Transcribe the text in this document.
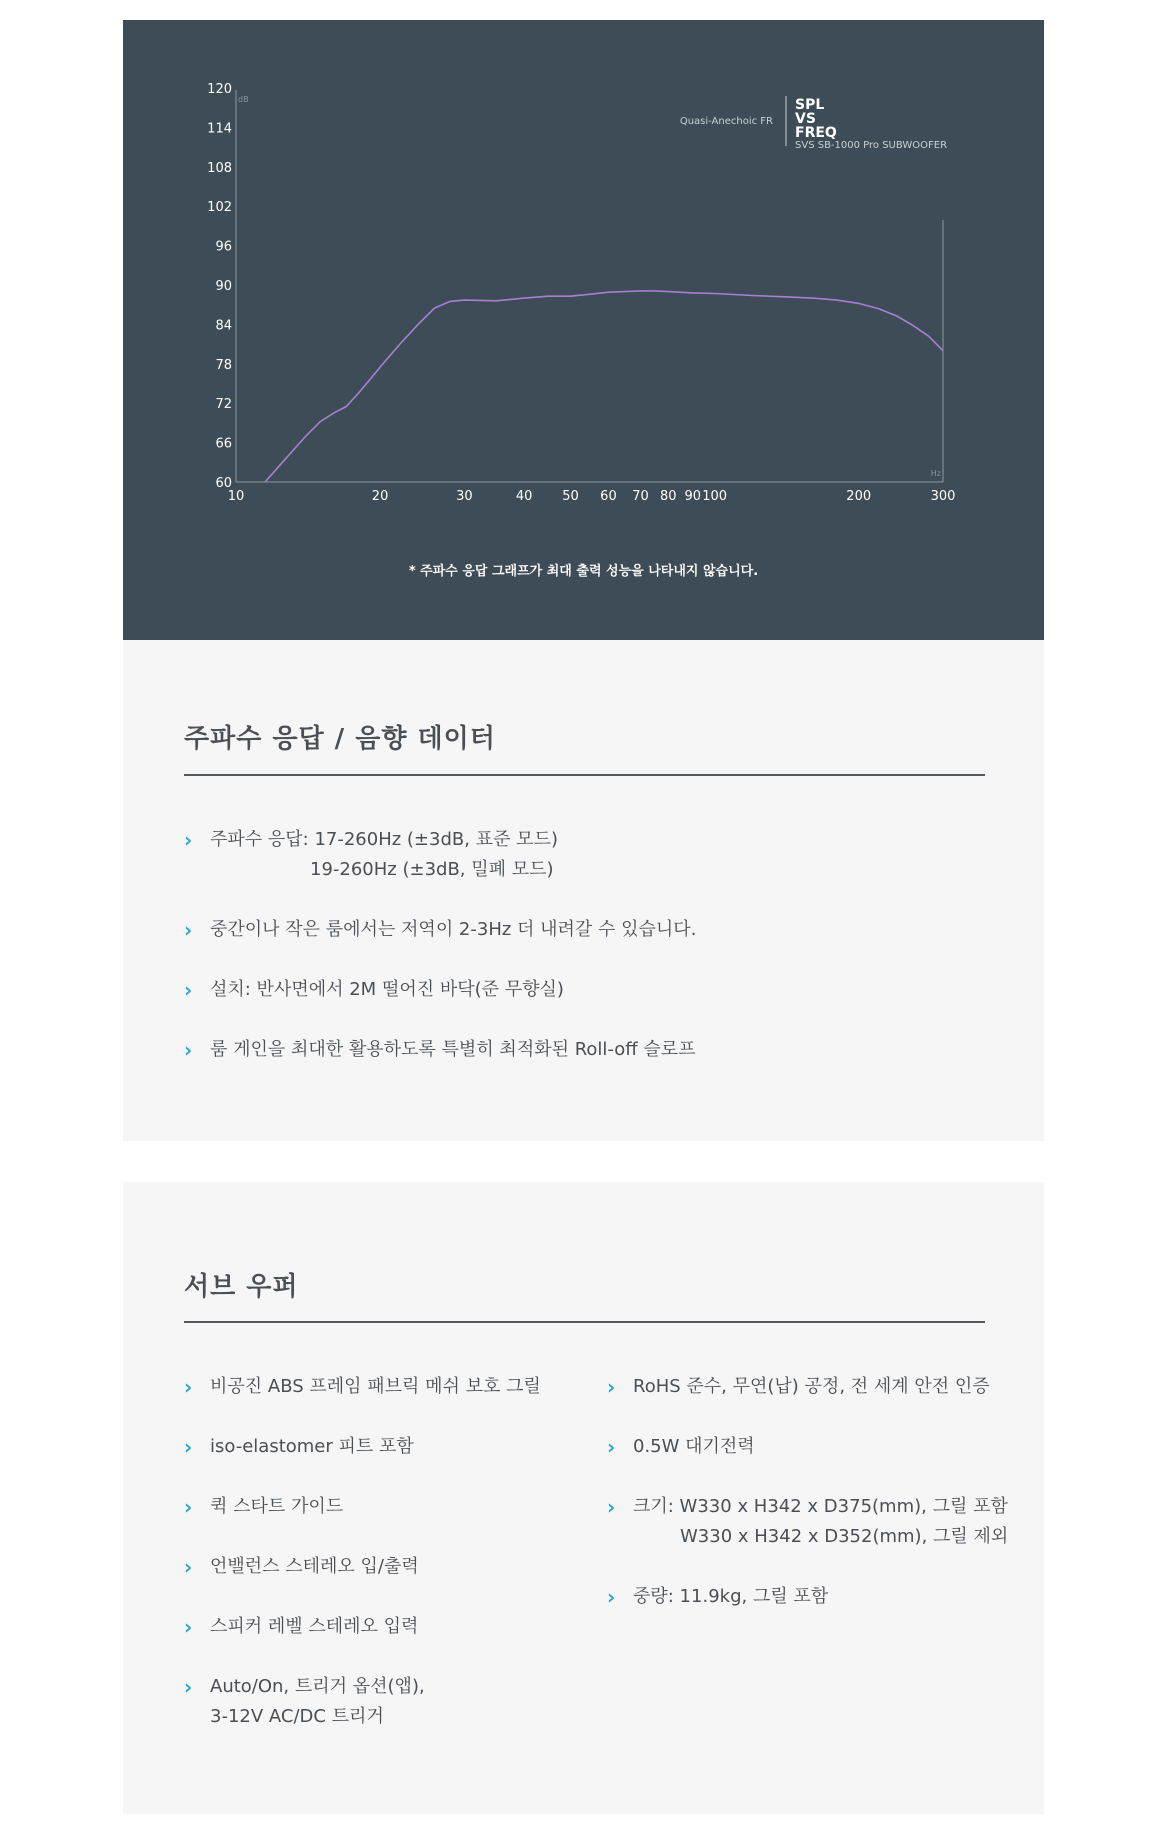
120
114
108
102
96
90
84
78
72
66
60
10	20	30	40 50 60 70 80 90 100	200	300
dB
Hz
Quasi-Anechoic FR
SPL
VS
FREQ
SVS SB-1000 Pro SUBWOOFER
* 주파수 응답 그래프가 최대 출력 성능을 나타내지 않습니다.
주파수 응답 / 음향 데이터
› 주파수 응답: 17-260Hz (±3dB, 표준 모드)
19-260Hz (±3dB, 밀폐 모드)
› 중간이나 작은 룸에서는 저역이 2-3Hz 더 내려갈 수 있습니다.
› 설치: 반사면에서 2M 떨어진 바닥(준 무향실)
› 룸 게인을 최대한 활용하도록 특별히 최적화된 Roll-off 슬로프
서브 우퍼
› 비공진 ABS 프레임 패브릭 메쉬 보호 그릴
› iso-elastomer 피트 포함
› 퀵 스타트 가이드
› 언밸런스 스테레오 입/출력
› 스피커 레벨 스테레오 입력
› Auto/On, 트리거 옵션(앱),
3-12V AC/DC 트리거
› RoHS 준수, 무연(납) 공정, 전 세계 안전 인증
› 0.5W 대기전력
› 크기: W330 x H342 x D375(mm), 그릴 포함
W330 x H342 x D352(mm), 그릴 제외
› 중량: 11.9kg, 그릴 포함
